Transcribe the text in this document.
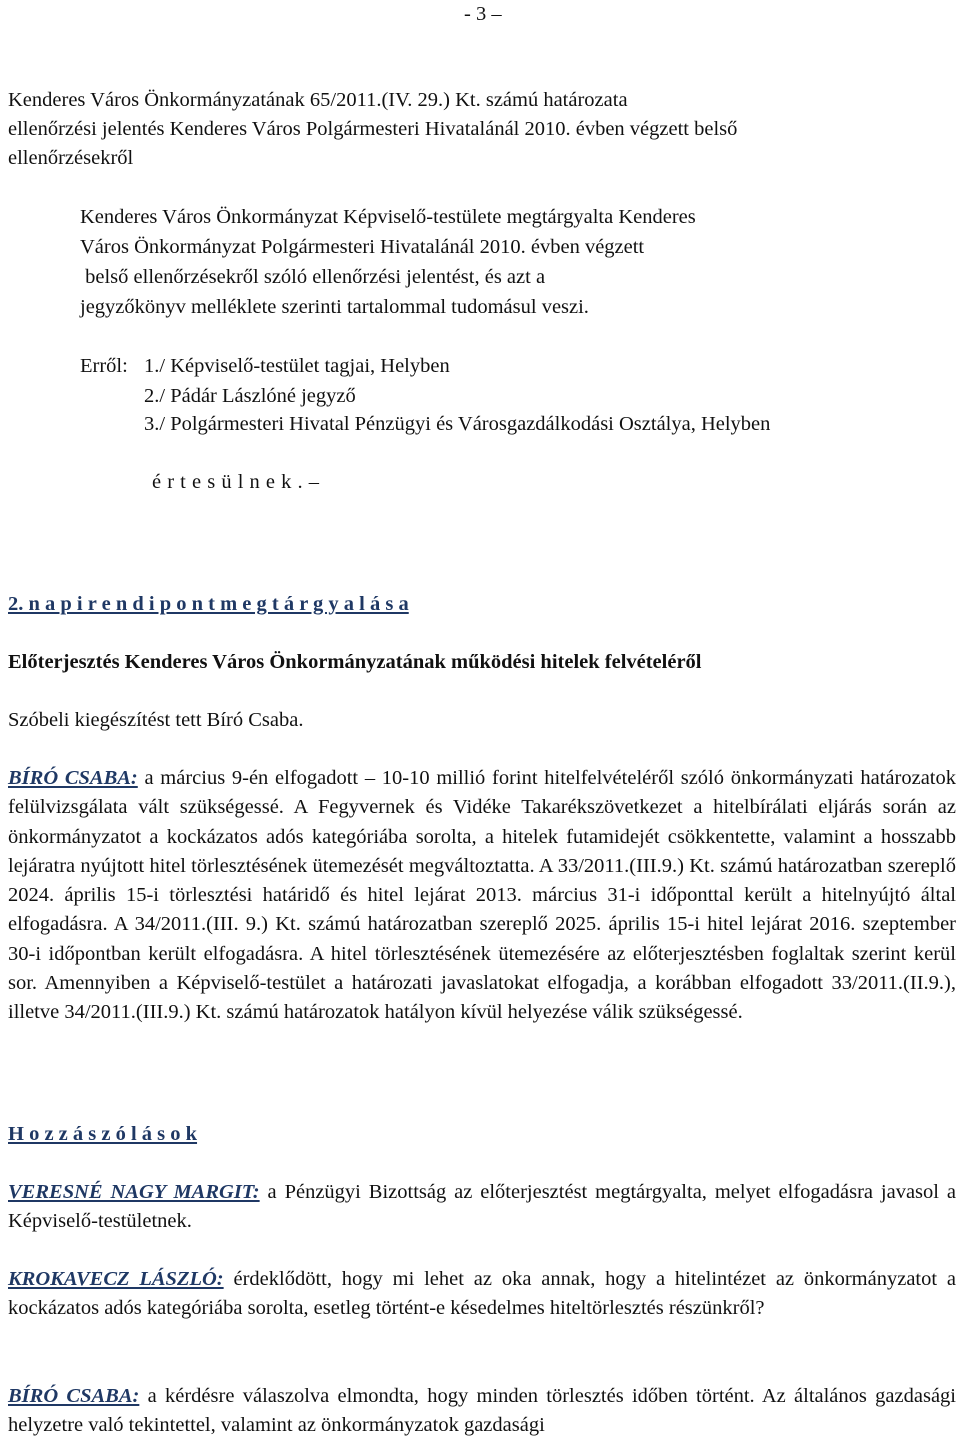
- 3 –
Kenderes Város Önkormányzatának 65/2011.(IV. 29.) Kt. számú határozata
ellenőrzési jelentés Kenderes Város Polgármesteri Hivatalánál 2010. évben végzett belső
ellenőrzésekről
Kenderes Város Önkormányzat Képviselő-testülete megtárgyalta Kenderes
Város Önkormányzat Polgármesteri Hivatalánál 2010. évben végzett
belső ellenőrzésekről szóló ellenőrzési jelentést, és azt a
jegyzőkönyv melléklete szerinti tartalommal tudomásul veszi.
Erről: 1./ Képviselő-testület tagjai, Helyben
2./ Pádár Lászlóné jegyző
3./ Polgármesteri Hivatal Pénzügyi és Városgazdálkodási Osztálya, Helyben
é r t e s ü l n e k . –
2. n a p i r e n d i p o n t m e g t á r g y a l á s a
Előterjesztés Kenderes Város Önkormányzatának működési hitelek felvételéről
Szóbeli kiegészítést tett Bíró Csaba.

BÍRÓ CSABA: a március 9-én elfogadott – 10-10 millió forint hitelfelvételéről szóló önkormányzati határozatok felülvizsgálata vált szükségessé. A Fegyvernek és Vidéke Takarékszövetkezet a hitelbírálati eljárás során az önkormányzatot a kockázatos adós kategóriába sorolta, a hitelek futamidejét csökkentette, valamint a hosszabb lejáratra nyújtott hitel törlesztésének ütemezését megváltoztatta. A 33/2011.(III.9.) Kt. számú határozatban szereplő 2024. április 15-i törlesztési határidő és hitel lejárat 2013. március 31-i időponttal került a hitelnyújtó által elfogadásra. A 34/2011.(III. 9.) Kt. számú határozatban szereplő 2025. április 15-i hitel lejárat 2016. szeptember 30-i időpontban került elfogadásra. A hitel törlesztésének ütemezésére az előterjesztésben foglaltak szerint kerül sor. Amennyiben a Képviselő-testület a határozati javaslatokat elfogadja, a korábban elfogadott 33/2011.(II.9.), illetve 34/2011.(III.9.) Kt. számú határozatok hatályon kívül helyezése válik szükségessé.

H o z z á s z ó l á s o k

VERESNÉ NAGY MARGIT: a Pénzügyi Bizottság az előterjesztést megtárgyalta, melyet elfogadásra javasol a Képviselő-testületnek.

KROKAVECZ LÁSZLÓ: érdeklődött, hogy mi lehet az oka annak, hogy a hitelintézet az önkormányzatot a kockázatos adós kategóriába sorolta, esetleg történt-e késedelmes hiteltörlesztés részünkről?

BÍRÓ CSABA: a kérdésre válaszolva elmondta, hogy minden törlesztés időben történt. Az általános gazdasági helyzetre való tekintettel, valamint az önkormányzatok gazdasági
